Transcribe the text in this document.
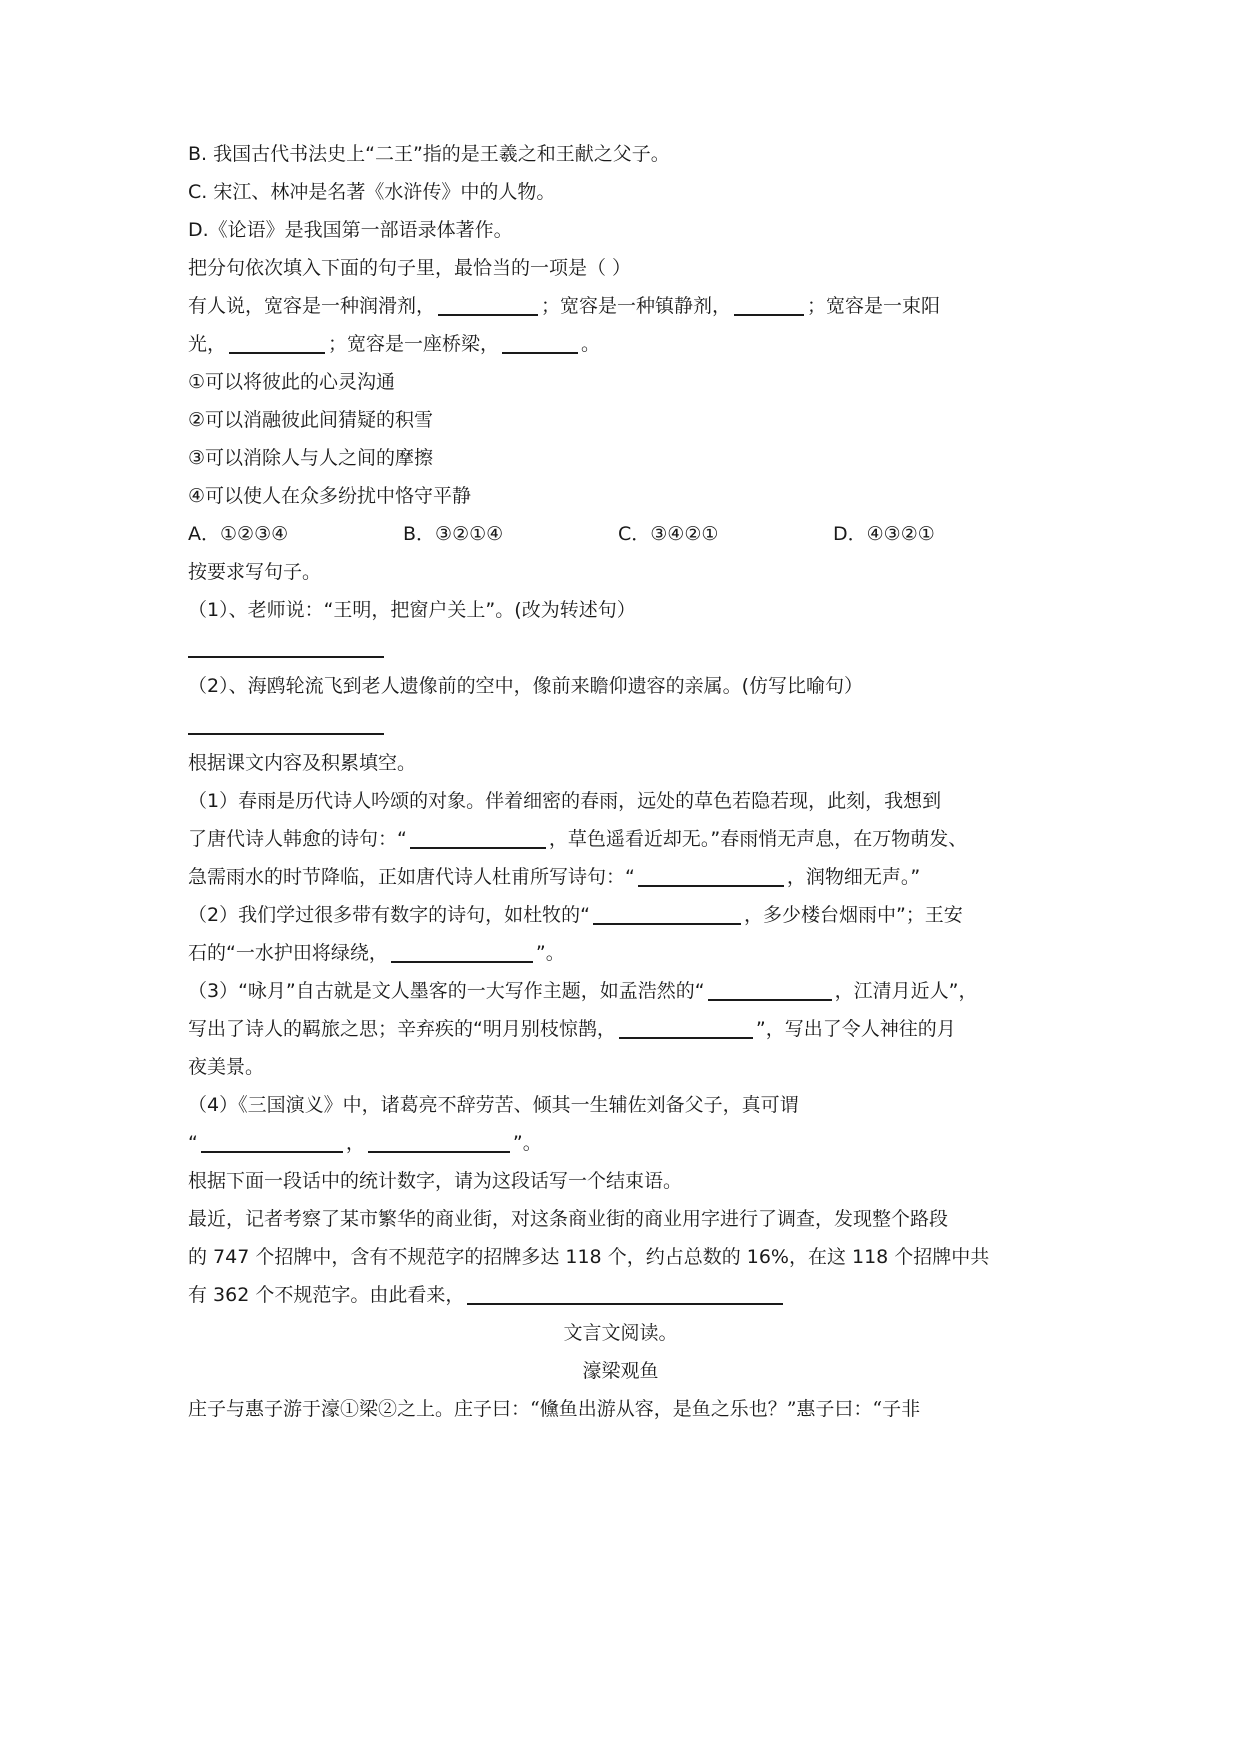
B. 我国古代书法史上“二王”指的是王羲之和王献之父子。
C. 宋江、林冲是名著《水浒传》中的人物。
D.《论语》是我国第一部语录体著作。
把分句依次填入下面的句子里，最恰当的一项是（ ）
有人说，宽容是一种润滑剂，	；宽容是一种镇静剂，	；宽容是一束阳
光，	；宽容是一座桥梁，	。
①可以将彼此的心灵沟通
②可以消融彼此间猜疑的积雪
③可以消除人与人之间的摩擦
④可以使人在众多纷扰中恪守平静
A．①②③④	B．③②①④	C．③④②①	D．④③②①
按要求写句子。
（1）、老师说：“王明，把窗户关上”。(改为转述句）
（2）、海鸥轮流飞到老人遗像前的空中，像前来瞻仰遗容的亲属。(仿写比喻句）
根据课文内容及积累填空。
（1）春雨是历代诗人吟颂的对象。伴着细密的春雨，远处的草色若隐若现，此刻，我想到
了唐代诗人韩愈的诗句：“	，草色遥看近却无。”春雨悄无声息，在万物萌发、
急需雨水的时节降临，正如唐代诗人杜甫所写诗句：“	，润物细无声。”
（2）我们学过很多带有数字的诗句，如杜牧的“	，多少楼台烟雨中”；王安
石的“一水护田将绿绕，	”。
（3）“咏月”自古就是文人墨客的一大写作主题，如孟浩然的“	，江清月近人”，
写出了诗人的羁旅之思；辛弃疾的“明月别枝惊鹊，	”，写出了令人神往的月
夜美景。
（4）《三国演义》中，诸葛亮不辞劳苦、倾其一生辅佐刘备父子，真可谓
“	，	”。
根据下面一段话中的统计数字，请为这段话写一个结束语。
最近，记者考察了某市繁华的商业街，对这条商业街的商业用字进行了调查，发现整个路段
的 747 个招牌中，含有不规范字的招牌多达 118 个，约占总数的 16%，在这 118 个招牌中共
有 362 个不规范字。由此看来，
文言文阅读。
濠梁观鱼
庄子与惠子游于濠①梁②之上。庄子曰：“儵鱼出游从容，是鱼之乐也？”惠子曰：“子非
